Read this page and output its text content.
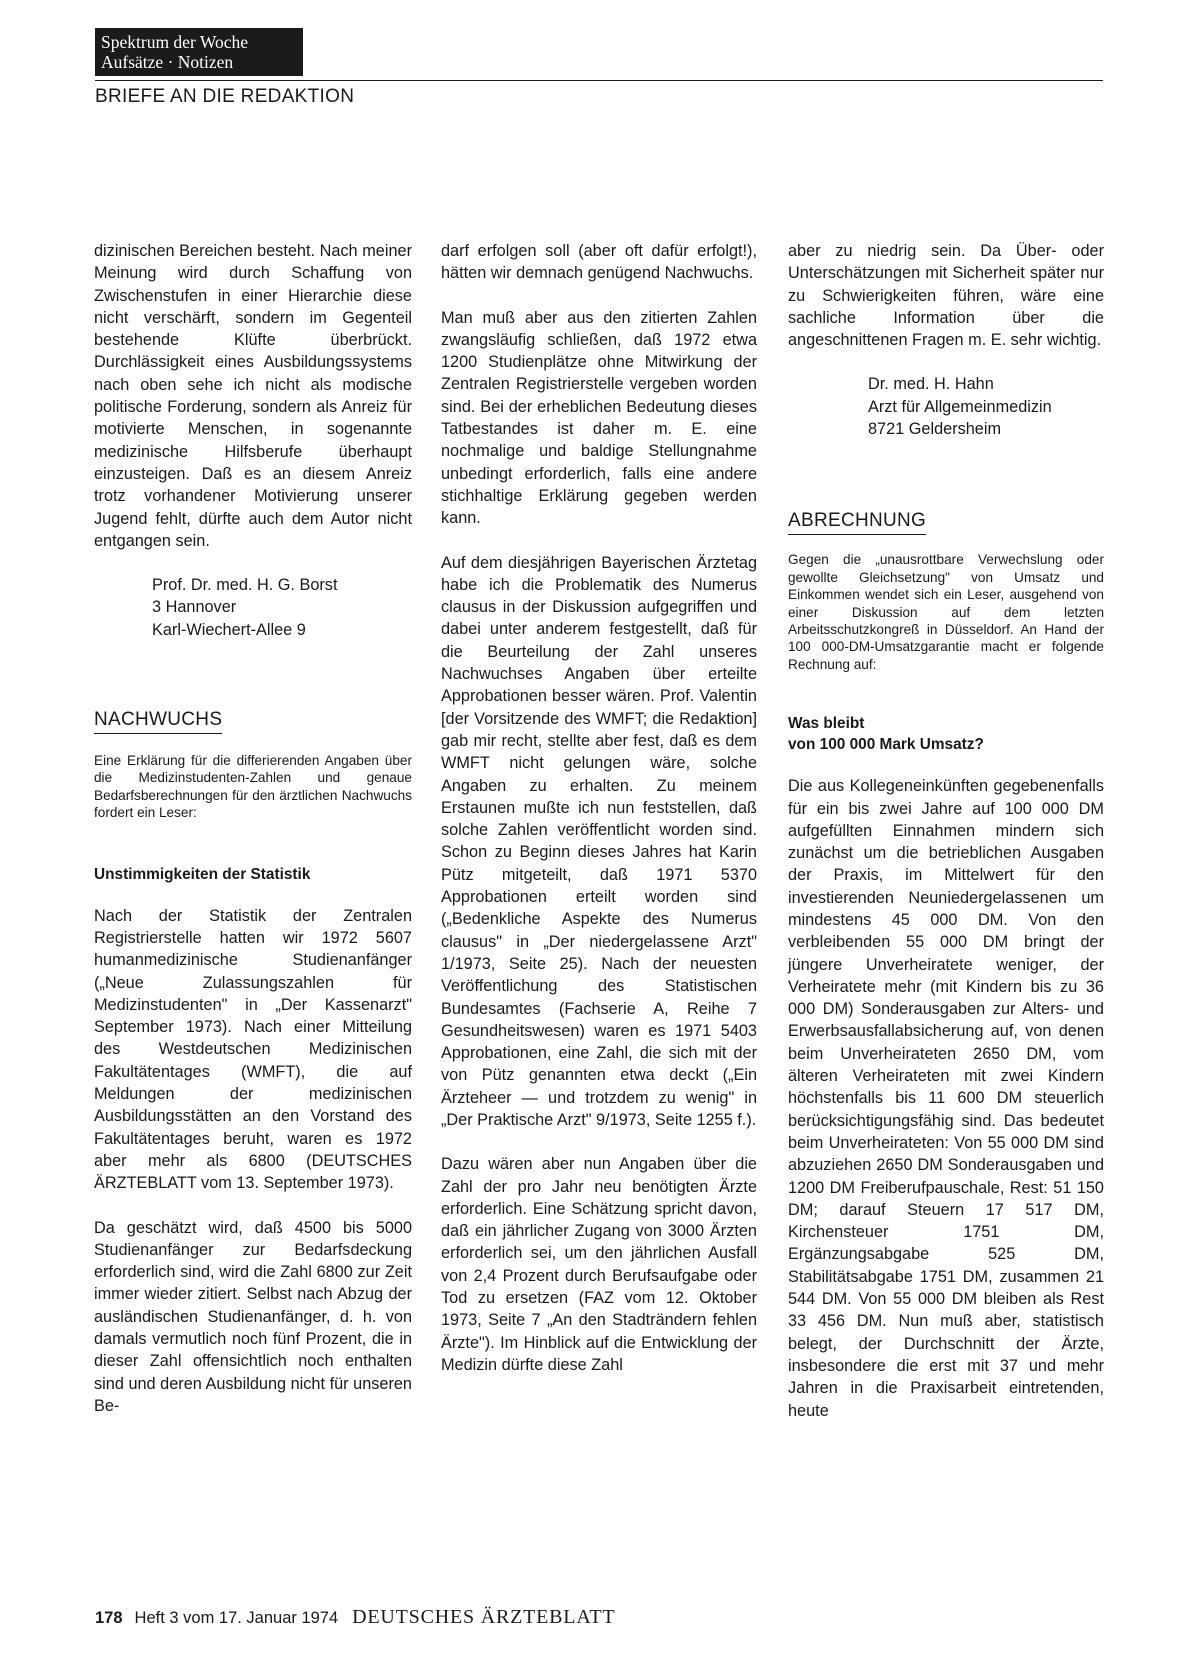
Spektrum der Woche
Aufsätze · Notizen
BRIEFE AN DIE REDAKTION

dizinischen Bereichen besteht. Nach meiner Meinung wird durch Schaffung von Zwischenstufen in einer Hierarchie diese nicht verschärft, sondern im Gegenteil bestehende Klüfte überbrückt. Durchlässigkeit eines Ausbildungssystems nach oben sehe ich nicht als modische politische Forderung, sondern als Anreiz für motivierte Menschen, in sogenannte medizinische Hilfsberufe überhaupt einzusteigen. Daß es an diesem Anreiz trotz vorhandener Motivierung unserer Jugend fehlt, dürfte auch dem Autor nicht entgangen sein.

Prof. Dr. med. H. G. Borst

3 Hannover

Karl-Wiechert-Allee 9

NACHWUCHS

Eine Erklärung für die differierenden Angaben über die Medizinstudenten-Zahlen und genaue Bedarfsberechnungen für den ärztlichen Nachwuchs fordert ein Leser:

Unstimmigkeiten der Statistik

Nach der Statistik der Zentralen Registrierstelle hatten wir 1972 5607 humanmedizinische Studienanfänger („Neue Zulassungszahlen für Medizinstudenten" in „Der Kassenarzt" September 1973). Nach einer Mitteilung des Westdeutschen Medizinischen Fakultätentages (WMFT), die auf Meldungen der medizinischen Ausbildungsstätten an den Vorstand des Fakultätentages beruht, waren es 1972 aber mehr als 6800 (DEUTSCHES ÄRZTEBLATT vom 13. September 1973).

Da geschätzt wird, daß 4500 bis 5000 Studienanfänger zur Bedarfsdeckung erforderlich sind, wird die Zahl 6800 zur Zeit immer wieder zitiert. Selbst nach Abzug der ausländischen Studienanfänger, d. h. von damals vermutlich noch fünf Prozent, die in dieser Zahl offensichtlich noch enthalten sind und deren Ausbildung nicht für unseren Be-

darf erfolgen soll (aber oft dafür erfolgt!), hätten wir demnach genügend Nachwuchs.

Man muß aber aus den zitierten Zahlen zwangsläufig schließen, daß 1972 etwa 1200 Studienplätze ohne Mitwirkung der Zentralen Registrierstelle vergeben worden sind. Bei der erheblichen Bedeutung dieses Tatbestandes ist daher m. E. eine nochmalige und baldige Stellungnahme unbedingt erforderlich, falls eine andere stichhaltige Erklärung gegeben werden kann.

Auf dem diesjährigen Bayerischen Ärztetag habe ich die Problematik des Numerus clausus in der Diskussion aufgegriffen und dabei unter anderem festgestellt, daß für die Beurteilung der Zahl unseres Nachwuchses Angaben über erteilte Approbationen besser wären. Prof. Valentin [der Vorsitzende des WMFT; die Redaktion] gab mir recht, stellte aber fest, daß es dem WMFT nicht gelungen wäre, solche Angaben zu erhalten. Zu meinem Erstaunen mußte ich nun feststellen, daß solche Zahlen veröffentlicht worden sind. Schon zu Beginn dieses Jahres hat Karin Pütz mitgeteilt, daß 1971 5370 Approbationen erteilt worden sind („Bedenkliche Aspekte des Numerus clausus" in „Der niedergelassene Arzt" 1/1973, Seite 25). Nach der neuesten Veröffentlichung des Statistischen Bundesamtes (Fachserie A, Reihe 7 Gesundheitswesen) waren es 1971 5403 Approbationen, eine Zahl, die sich mit der von Pütz genannten etwa deckt („Ein Ärzteheer — und trotzdem zu wenig" in „Der Praktische Arzt" 9/1973, Seite 1255 f.).

Dazu wären aber nun Angaben über die Zahl der pro Jahr neu benötigten Ärzte erforderlich. Eine Schätzung spricht davon, daß ein jährlicher Zugang von 3000 Ärzten erforderlich sei, um den jährlichen Ausfall von 2,4 Prozent durch Berufsaufgabe oder Tod zu ersetzen (FAZ vom 12. Oktober 1973, Seite 7 „An den Stadträndern fehlen Ärzte"). Im Hinblick auf die Entwicklung der Medizin dürfte diese Zahl

aber zu niedrig sein. Da Über- oder Unterschätzungen mit Sicherheit später nur zu Schwierigkeiten führen, wäre eine sachliche Information über die angeschnittenen Fragen m. E. sehr wichtig.

Dr. med. H. Hahn

Arzt für Allgemeinmedizin

8721 Geldersheim

ABRECHNUNG

Gegen die „unausrottbare Verwechslung oder gewollte Gleichsetzung" von Umsatz und Einkommen wendet sich ein Leser, ausgehend von einer Diskussion auf dem letzten Arbeitsschutzkongreß in Düsseldorf. An Hand der 100 000-DM-Umsatzgarantie macht er folgende Rechnung auf:

Was bleibt

von 100 000 Mark Umsatz?

Die aus Kollegeneinkünften gegebenenfalls für ein bis zwei Jahre auf 100 000 DM aufgefüllten Einnahmen mindern sich zunächst um die betrieblichen Ausgaben der Praxis, im Mittelwert für den investierenden Neuniedergelassenen um mindestens 45 000 DM. Von den verbleibenden 55 000 DM bringt der jüngere Unverheiratete weniger, der Verheiratete mehr (mit Kindern bis zu 36 000 DM) Sonderausgaben zur Alters- und Erwerbsausfallabsicherung auf, von denen beim Unverheirateten 2650 DM, vom älteren Verheirateten mit zwei Kindern höchstenfalls bis 11 600 DM steuerlich berücksichtigungsfähig sind. Das bedeutet beim Unverheirateten: Von 55 000 DM sind abzuziehen 2650 DM Sonderausgaben und 1200 DM Freiberufpauschale, Rest: 51 150 DM; darauf Steuern 17 517 DM, Kirchensteuer 1751 DM, Ergänzungsabgabe 525 DM, Stabilitätsabgabe 1751 DM, zusammen 21 544 DM. Von 55 000 DM bleiben als Rest 33 456 DM. Nun muß aber, statistisch belegt, der Durchschnitt der Ärzte, insbesondere die erst mit 37 und mehr Jahren in die Praxisarbeit eintretenden, heute

178 Heft 3 vom 17. Januar 1974 DEUTSCHES ÄRZTEBLATT
